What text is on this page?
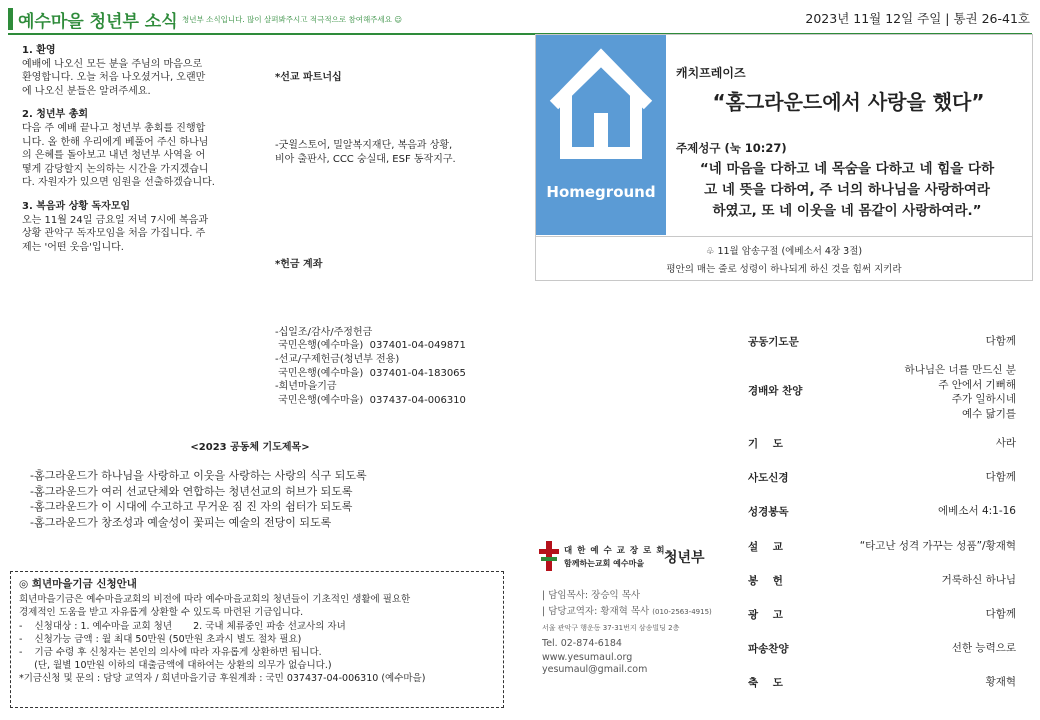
예수마을 청년부 소식 청년부 소식입니다. 많이 살펴봐주시고 적극적으로 참여해주세요 ☺	2023년 11월 12일 주일 | 통권 26-41호
1. 환영
예배에 나오신 모든 분을 주님의 마음으로
환영합니다. 오늘 처음 나오셨거나, 오랜만
에 나오신 분들은 알려주세요.
2. 청년부 총회
다음 주 예배 끝나고 청년부 총회를 진행합
니다. 올 한해 우리에게 베풀어 주신 하나님
의 은혜를 돌아보고 내년 청년부 사역을 어
떻게 감당할지 논의하는 시간을 가지겠습니
다. 자원자가 있으면 임원을 선출하겠습니다.
3. 복음과 상황 독자모임
오는 11월 24일 금요일 저녁 7시에 복음과
상황 관악구 독자모임을 처음 가집니다. 주
제는 '어떤 웃음'입니다.

*선교 파트너십

-굿윌스토어, 밀알복지재단, 복음과 상황,
비아 출판사, CCC 숭실대, ESF 동작지구.

*헌금 계좌

-십일조/감사/주정헌금
국민은행(예수마을)  037401-04-049871
-선교/구제헌금(청년부 전용)
국민은행(예수마을)  037401-04-183065
-희년마을기금
국민은행(예수마을)  037437-04-006310

Homeground
캐치프레이즈
“홈그라운드에서 사랑을 했다”
주제성구 (눅 10:27)
“네 마음을 다하고 네 목숨을 다하고 네 힘을 다하
고 네 뜻을 다하여, 주 너의 하나님을 사랑하여라
하였고, 또 네 이웃을 네 몸같이 사랑하여라.”
♧ 11월 암송구절 (에베소서 4장 3절)
평안의 매는 줄로 성령이 하나되게 하신 것을 힘써 지키라
<2023 공동체 기도제목>
-홈그라운드가 하나님을 사랑하고 이웃을 사랑하는 사랑의 식구 되도록
-홈그라운드가 여러 선교단체와 연합하는 청년선교의 허브가 되도록
-홈그라운드가 이 시대에 수고하고 무거운 짐 진 자의 쉼터가 되도록
-홈그라운드가 창조성과 예술성이 꽃피는 예술의 전당이 되도록
◎ 희년마을기금 신청안내

희년마을기금은 예수마을교회의 비전에 따라 예수마을교회의 청년들이 기초적인 생활에 필요한

경제적인 도움을 받고 자유롭게 상환할 수 있도록 마련된 기금입니다.

-    신청대상 : 1. 예수마을 교회 청년       2. 국내 체류중인 파송 선교사의 자녀

-    신청가능 금액 : 월 최대 50만원 (50만원 초과시 별도 절차 필요)

-    기금 수령 후 신청자는 본인의 의사에 따라 자유롭게 상환하면 됩니다.

(단, 월별 10만원 이하의 대출금액에 대하여는 상환의 의무가 없습니다.)

*기금신청 및 문의 : 담당 교역자 / 희년마을기금 후원계좌 : 국민 037437-04-006310 (예수마을)

대 한 예 수 교 장 로 회
함께하는교회 예수마을 청년부
| 담임목사: 장승익 목사
| 담당교역자: 황재혁 목사 (010-2563-4915)
서울 관악구 행운동 37-31번지 삼송빌딩 2층
Tel. 02-874-6184
www.yesumaul.org
yesumaul@gmail.com
공동기도문	다함께
경배와 찬양
하나님은 너를 만드신 분
주 안에서 기뻐해
주가 일하시네
예수 닮기를
기    도	사라
사도신경	다함께
성경봉독	에베소서 4:1-16
설    교	“타고난 성격 가꾸는 성품”/황재혁
봉    헌	거룩하신 하나님
광    고	다함께
파송찬양	선한 능력으로
축    도	황재혁
